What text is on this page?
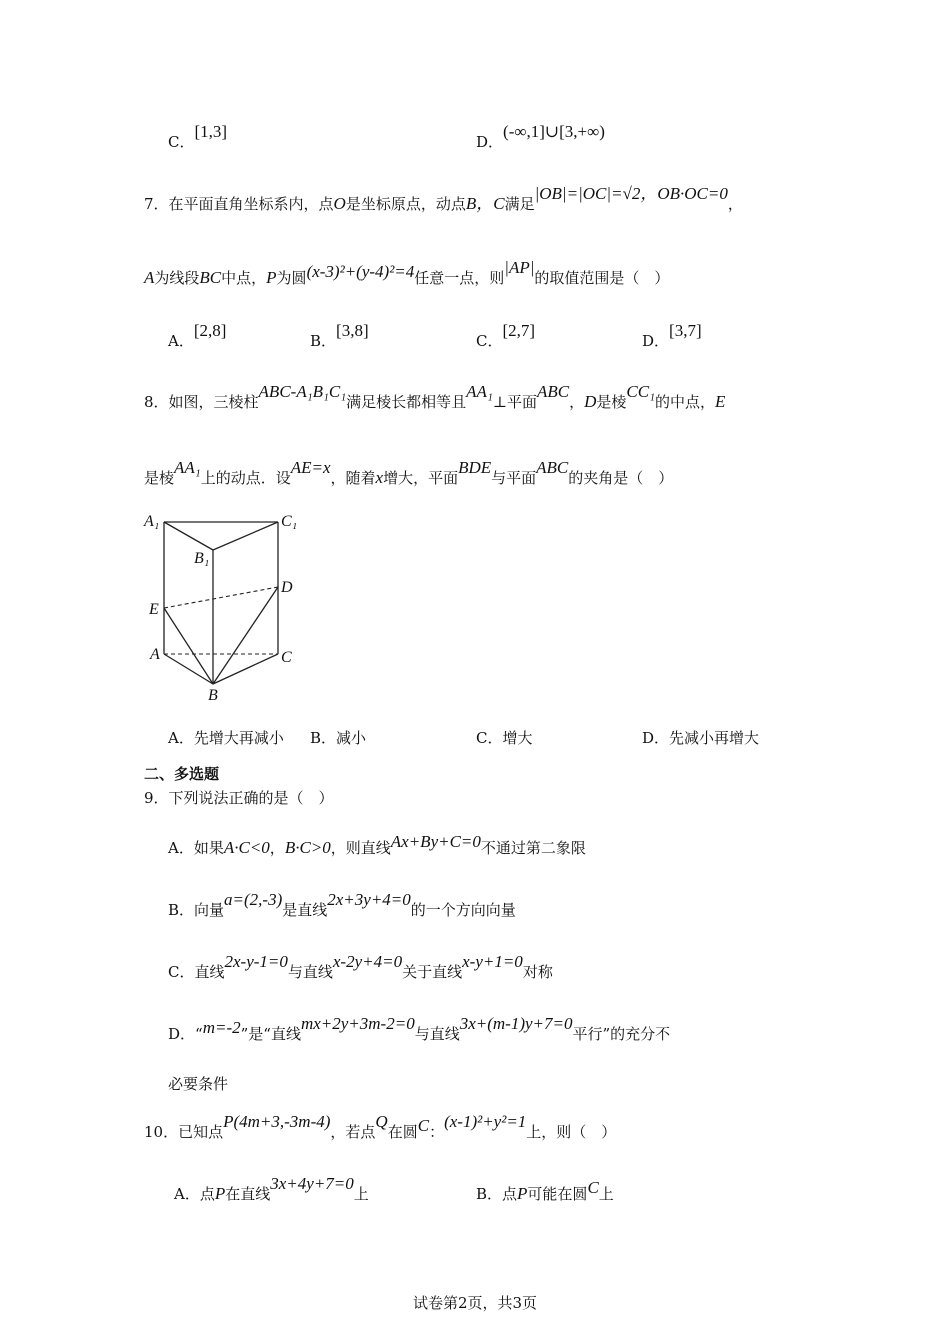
C．[1,3]
D．(-∞,1]∪[3,+∞)
7．在平面直角坐标系内，点O是坐标原点，动点B，C满足|OB|=|OC|=√2，OB·OC=0，
A为线段BC中点，P为圆(x-3)²+(y-4)²=4任意一点，则|AP|的取值范围是（　）
A．[2,8]
B．[3,8]
C．[2,7]
D．[3,7]
8．如图，三棱柱ABC-A₁B₁C₁满足棱长都相等且AA₁⊥平面ABC，D是棱CC₁的中点，E
是棱AA₁上的动点．设AE=x，随着x增大，平面BDE与平面ABC的夹角是（　）
A₁	C₁
B₁
D
E
A	C
B
A．先增大再减小 B．减小	C．增大	D．先减小再增大
二、多选题
9．下列说法正确的是（　）
A．如果A·C<0，B·C>0，则直线Ax+By+C=0不通过第二象限
B．向量a=(2,-3)是直线2x+3y+4=0的一个方向向量
C．直线2x-y-1=0与直线x-2y+4=0关于直线x-y+1=0对称
D．“m=-2”是“直线mx+2y+3m-2=0与直线3x+(m-1)y+7=0平行”的充分不
必要条件
10．已知点P(4m+3,-3m-4)，若点Q在圆C：(x-1)²+y²=1上，则（　）
A．点P在直线3x+4y+7=0上	B．点P可能在圆C上
试卷第2页，共3页
